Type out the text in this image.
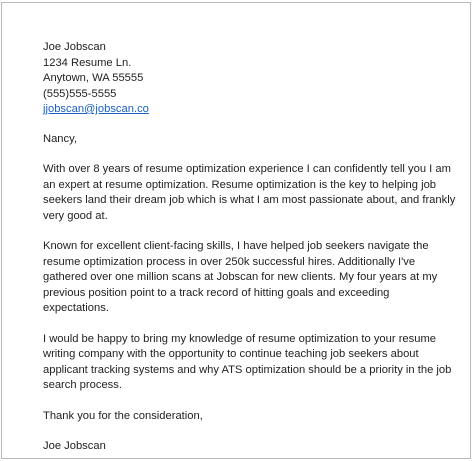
Joe Jobscan
1234 Resume Ln.
Anytown, WA 55555
(555)555-5555
jjobscan@jobscan.co
Nancy,
With over 8 years of resume optimization experience I can confidently tell you I am
an expert at resume optimization. Resume optimization is the key to helping job
seekers land their dream job which is what I am most passionate about, and frankly
very good at.
Known for excellent client-facing skills, I have helped job seekers navigate the
resume optimization process in over 250k successful hires. Additionally I've
gathered over one million scans at Jobscan for new clients. My four years at my
previous position point to a track record of hitting goals and exceeding
expectations.
I would be happy to bring my knowledge of resume optimization to your resume
writing company with the opportunity to continue teaching job seekers about
applicant tracking systems and why ATS optimization should be a priority in the job
search process.
Thank you for the consideration,
Joe Jobscan
